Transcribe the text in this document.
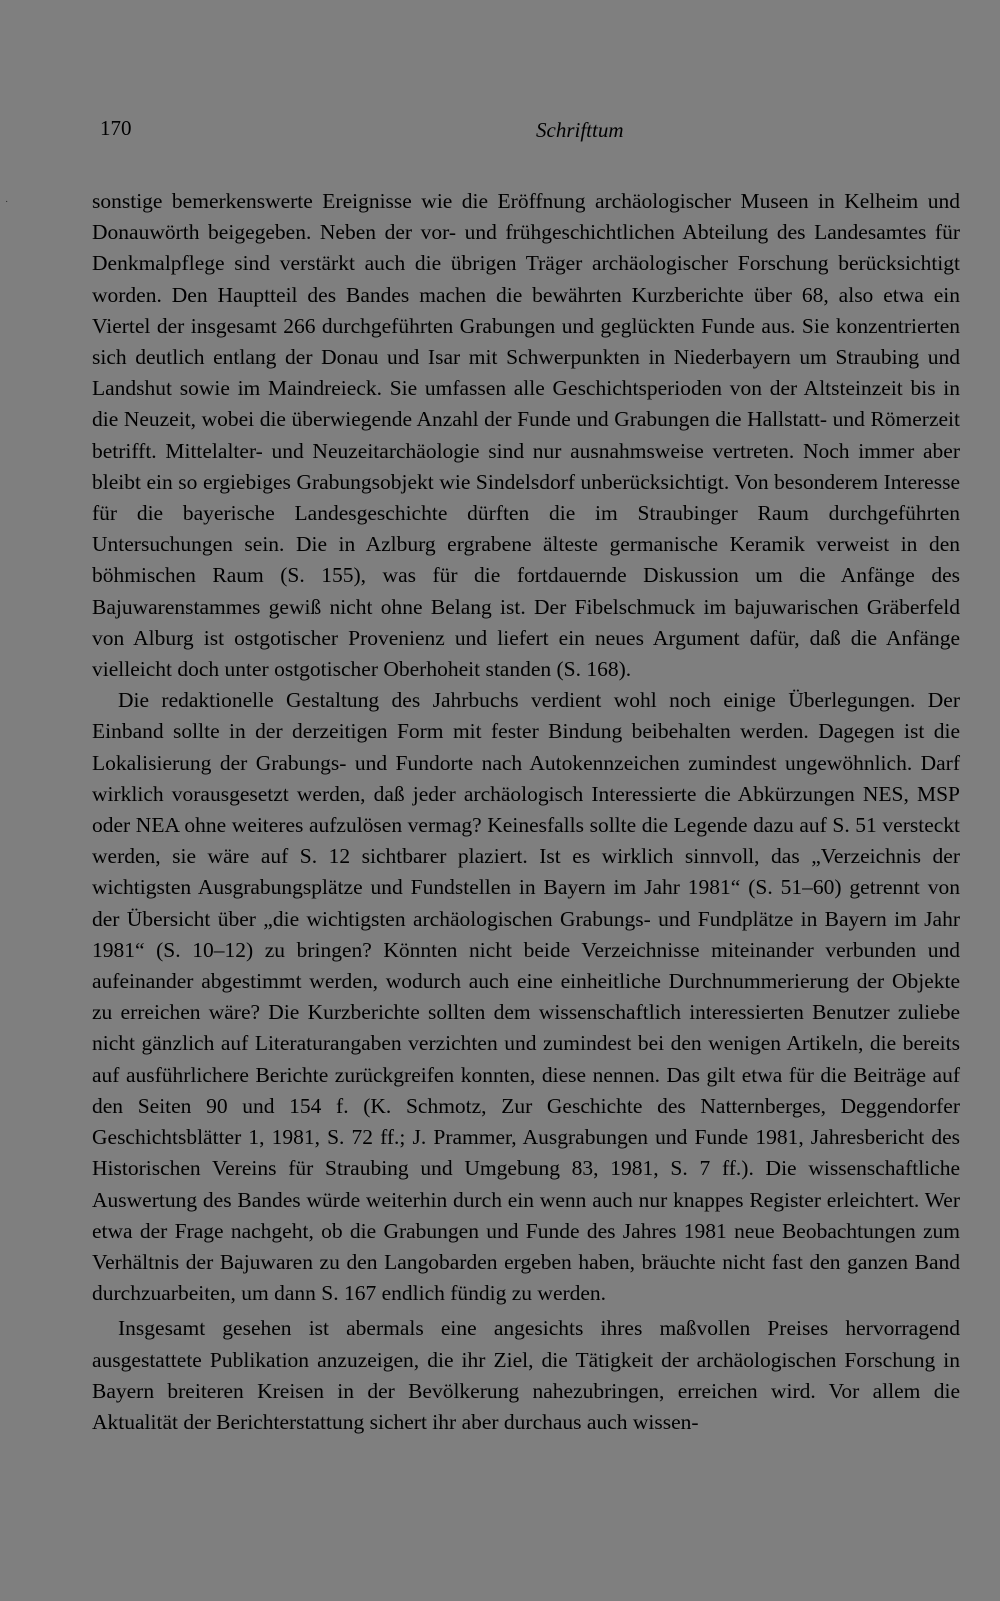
˙
170	Schrifttum

sonstige bemerkenswerte Ereignisse wie die Eröffnung archäologischer Museen in Kelheim und Donauwörth beigegeben. Neben der vor- und frühgeschichtlichen Abteilung des Landesamtes für Denkmalpflege sind verstärkt auch die übrigen Träger archäologischer Forschung berücksichtigt worden. Den Hauptteil des Bandes machen die bewährten Kurzberichte über 68, also etwa ein Viertel der insgesamt 266 durchgeführten Grabungen und geglückten Funde aus. Sie konzentrierten sich deutlich entlang der Donau und Isar mit Schwerpunkten in Niederbayern um Straubing und Landshut sowie im Maindreieck. Sie umfassen alle Geschichtsperioden von der Altsteinzeit bis in die Neuzeit, wobei die überwiegende Anzahl der Funde und Grabungen die Hallstatt- und Römerzeit betrifft. Mittelalter- und Neuzeitarchäologie sind nur ausnahmsweise vertreten. Noch immer aber bleibt ein so ergiebiges Grabungsobjekt wie Sindelsdorf unberücksichtigt. Von besonderem Interesse für die bayerische Landesgeschichte dürften die im Straubinger Raum durchgeführten Untersuchungen sein. Die in Azlburg ergrabene älteste germanische Keramik verweist in den böhmischen Raum (S. 155), was für die fortdauernde Diskussion um die Anfänge des Bajuwarenstammes gewiß nicht ohne Belang ist. Der Fibelschmuck im bajuwarischen Gräberfeld von Alburg ist ostgotischer Provenienz und liefert ein neues Argument dafür, daß die Anfänge vielleicht doch unter ostgotischer Oberhoheit standen (S. 168).

Die redaktionelle Gestaltung des Jahrbuchs verdient wohl noch einige Überlegungen. Der Einband sollte in der derzeitigen Form mit fester Bindung beibehalten werden. Dagegen ist die Lokalisierung der Grabungs- und Fundorte nach Autokennzeichen zumindest ungewöhnlich. Darf wirklich vorausgesetzt werden, daß jeder archäologisch Interessierte die Abkürzungen NES, MSP oder NEA ohne weiteres aufzulösen vermag? Keinesfalls sollte die Legende dazu auf S. 51 versteckt werden, sie wäre auf S. 12 sichtbarer plaziert. Ist es wirklich sinnvoll, das „Verzeichnis der wichtigsten Ausgrabungsplätze und Fundstellen in Bayern im Jahr 1981“ (S. 51–60) getrennt von der Übersicht über „die wichtigsten archäologischen Grabungs- und Fundplätze in Bayern im Jahr 1981“ (S. 10–12) zu bringen? Könnten nicht beide Verzeichnisse miteinander verbunden und aufeinander abgestimmt werden, wodurch auch eine einheitliche Durchnummerierung der Objekte zu erreichen wäre? Die Kurzberichte sollten dem wissenschaftlich interessierten Benutzer zuliebe nicht gänzlich auf Literaturangaben verzichten und zumindest bei den wenigen Artikeln, die bereits auf ausführlichere Berichte zurückgreifen konnten, diese nennen. Das gilt etwa für die Beiträge auf den Seiten 90 und 154 f. (K. Schmotz, Zur Geschichte des Natternberges, Deggendorfer Geschichtsblätter 1, 1981, S. 72 ff.; J. Prammer, Ausgrabungen und Funde 1981, Jahresbericht des Historischen Vereins für Straubing und Umgebung 83, 1981, S. 7 ff.). Die wissenschaftliche Auswertung des Bandes würde weiterhin durch ein wenn auch nur knappes Register erleichtert. Wer etwa der Frage nachgeht, ob die Grabungen und Funde des Jahres 1981 neue Beobachtungen zum Verhältnis der Bajuwaren zu den Langobarden ergeben haben, bräuchte nicht fast den ganzen Band durchzuarbeiten, um dann S. 167 endlich fündig zu werden.

Insgesamt gesehen ist abermals eine angesichts ihres maßvollen Preises hervorragend ausgestattete Publikation anzuzeigen, die ihr Ziel, die Tätigkeit der archäologischen Forschung in Bayern breiteren Kreisen in der Bevölkerung nahezubringen, erreichen wird. Vor allem die Aktualität der Berichterstattung sichert ihr aber durchaus auch wissen-
